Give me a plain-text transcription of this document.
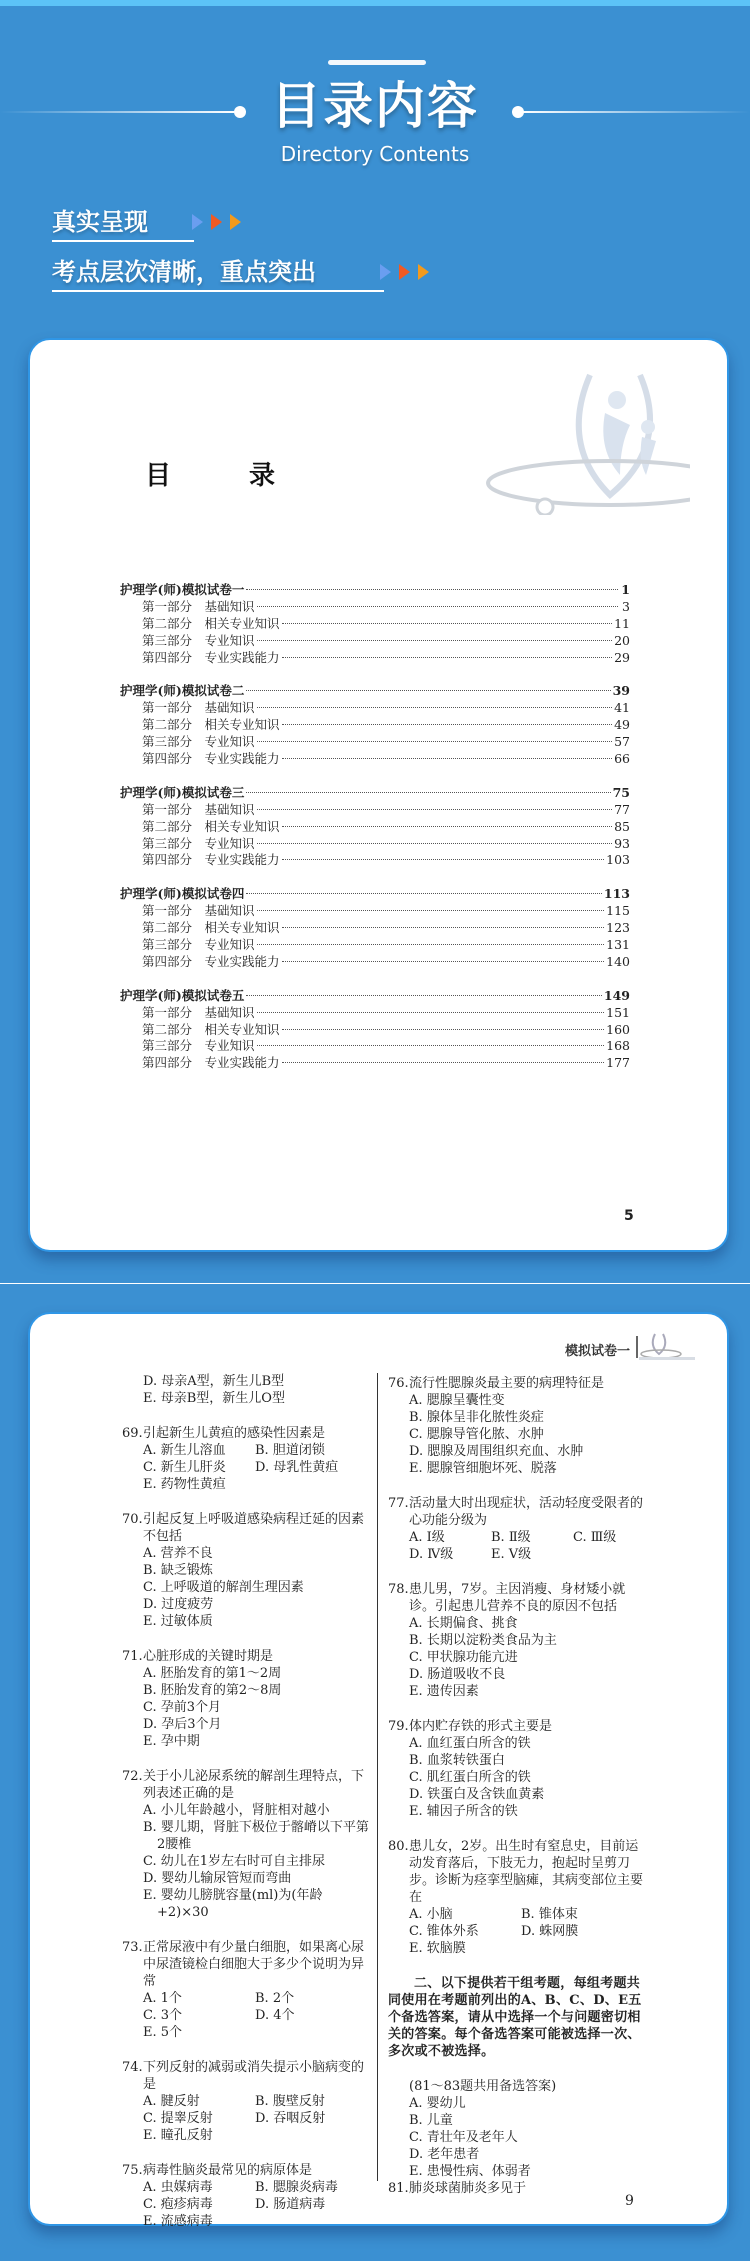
目录内容
Directory Contents
真实呈现
考点层次清晰，重点突出
目　录
护理学(师)模拟试卷一	1
第一部分　基础知识	3
第二部分　相关专业知识	11
第三部分　专业知识	20
第四部分　专业实践能力	29
护理学(师)模拟试卷二	39
第一部分　基础知识	41
第二部分　相关专业知识	49
第三部分　专业知识	57
第四部分　专业实践能力	66
护理学(师)模拟试卷三	75
第一部分　基础知识	77
第二部分　相关专业知识	85
第三部分　专业知识	93
第四部分　专业实践能力	103
护理学(师)模拟试卷四	113
第一部分　基础知识	115
第二部分　相关专业知识	123
第三部分　专业知识	131
第四部分　专业实践能力	140
护理学(师)模拟试卷五	149
第一部分　基础知识	151
第二部分　相关专业知识	160
第三部分　专业知识	168
第四部分　专业实践能力	177
5
模拟试卷一
D. 母亲A型，新生儿B型
E. 母亲B型，新生儿O型
69. 引起新生儿黄疸的感染性因素是
A. 新生儿溶血	B. 胆道闭锁
C. 新生儿肝炎	D. 母乳性黄疸
E. 药物性黄疸
70. 引起反复上呼吸道感染病程迁延的因素不包括
A. 营养不良
B. 缺乏锻炼
C. 上呼吸道的解剖生理因素
D. 过度疲劳
E. 过敏体质
71. 心脏形成的关键时期是
A. 胚胎发育的第1～2周
B. 胚胎发育的第2～8周
C. 孕前3个月
D. 孕后3个月
E. 孕中期
72. 关于小儿泌尿系统的解剖生理特点，下列表述正确的是
A. 小儿年龄越小，肾脏相对越小
B. 婴儿期，肾脏下极位于髂嵴以下平第2腰椎
C. 幼儿在1岁左右时可自主排尿
D. 婴幼儿输尿管短而弯曲
E. 婴幼儿膀胱容量(ml)为(年龄+2)×30
73. 正常尿液中有少量白细胞，如果离心尿中尿渣镜检白细胞大于多少个说明为异常
A. 1个	B. 2个
C. 3个	D. 4个
E. 5个
74. 下列反射的减弱或消失提示小脑病变的是
A. 腱反射	B. 腹壁反射
C. 提睾反射	D. 吞咽反射
E. 瞳孔反射
75. 病毒性脑炎最常见的病原体是
A. 虫媒病毒	B. 腮腺炎病毒
C. 疱疹病毒	D. 肠道病毒
E. 流感病毒
76. 流行性腮腺炎最主要的病理特征是
A. 腮腺呈囊性变
B. 腺体呈非化脓性炎症
C. 腮腺导管化脓、水肿
D. 腮腺及周围组织充血、水肿
E. 腮腺管细胞坏死、脱落
77. 活动量大时出现症状，活动轻度受限者的心功能分级为
A. Ⅰ级	B. Ⅱ级	C. Ⅲ级
D. Ⅳ级	E. Ⅴ级
78. 患儿男，7岁。主因消瘦、身材矮小就诊。引起患儿营养不良的原因不包括
A. 长期偏食、挑食
B. 长期以淀粉类食品为主
C. 甲状腺功能亢进
D. 肠道吸收不良
E. 遗传因素
79. 体内贮存铁的形式主要是
A. 血红蛋白所含的铁
B. 血浆转铁蛋白
C. 肌红蛋白所含的铁
D. 铁蛋白及含铁血黄素
E. 辅因子所含的铁
80. 患儿女，2岁。出生时有窒息史，目前运动发育落后，下肢无力，抱起时呈剪刀步。诊断为痉挛型脑瘫，其病变部位主要在
A. 小脑	B. 锥体束
C. 锥体外系	D. 蛛网膜
E. 软脑膜
二、以下提供若干组考题，每组考题共同使用在考题前列出的A、B、C、D、E五个备选答案，请从中选择一个与问题密切相关的答案。每个备选答案可能被选择一次、多次或不被选择。
(81～83题共用备选答案)
A. 婴幼儿
B. 儿童
C. 青壮年及老年人
D. 老年患者
E. 患慢性病、体弱者
81. 肺炎球菌肺炎多见于
9
